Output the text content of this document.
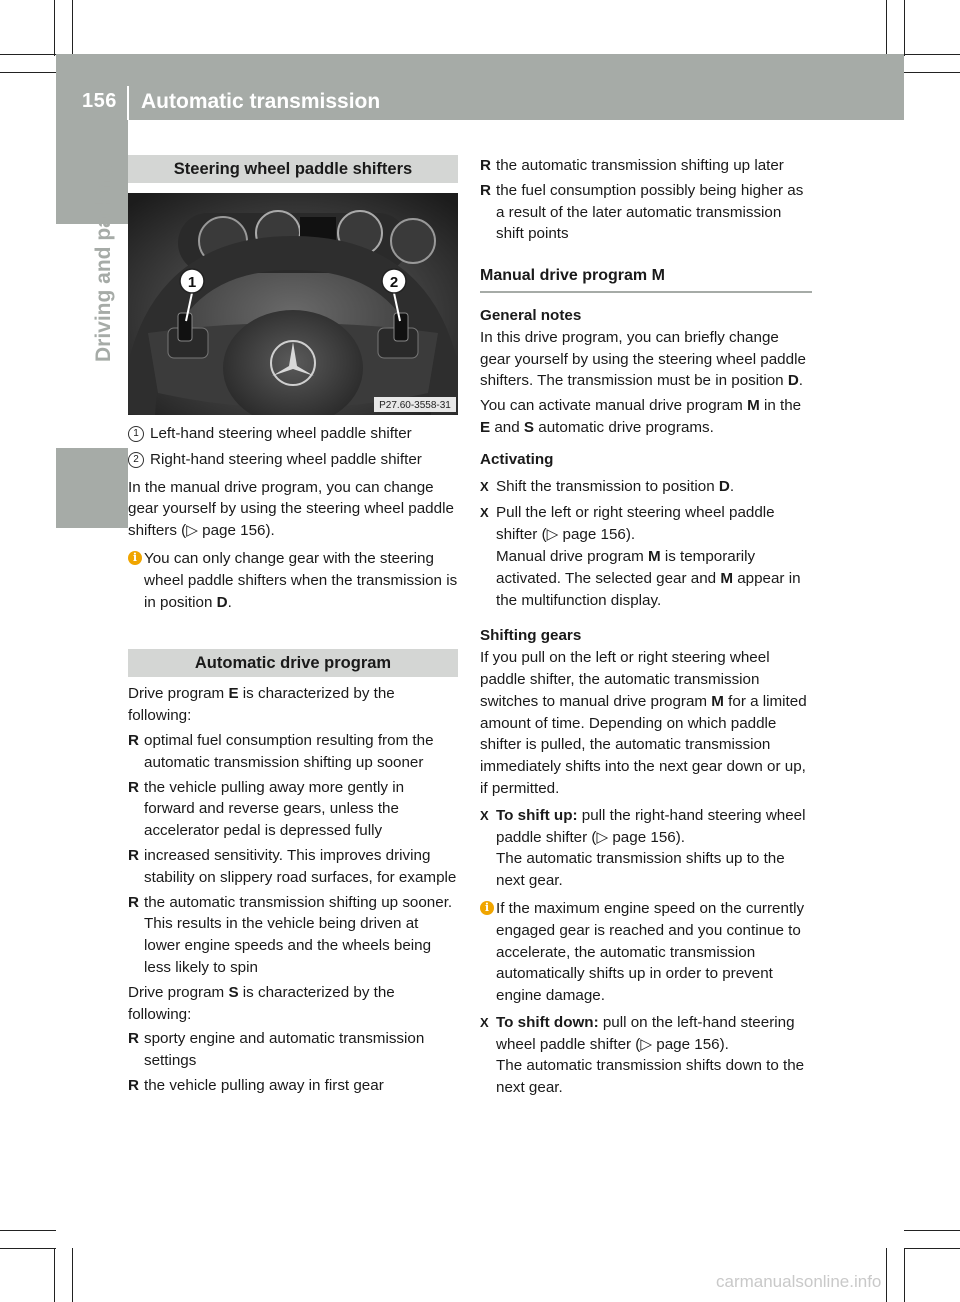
156 Automatic transmission
Driving and parking	Steering wheel paddle shifters
1	2
P27.60-3558-31
1 Left-hand steering wheel paddle shifter
2 Right-hand steering wheel paddle shifter

In the manual drive program, you can change gear yourself by using the steering wheel paddle shifters (▷ page 156).

i You can only change gear with the steering wheel paddle shifters when the transmission is in position D.
Automatic drive program

Drive program E is characterized by the following:

R optimal fuel consumption resulting from the automatic transmission shifting up sooner
R the vehicle pulling away more gently in forward and reverse gears, unless the accelerator pedal is depressed fully
R increased sensitivity. This improves driving stability on slippery road surfaces, for example
R the automatic transmission shifting up sooner. This results in the vehicle being driven at lower engine speeds and the wheels being less likely to spin

Drive program S is characterized by the following:

R sporty engine and automatic transmission settings
R the vehicle pulling away in first gear
R the automatic transmission shifting up later
R the fuel consumption possibly being higher as a result of the later automatic transmission shift points
Manual drive program M
General notes

In this drive program, you can briefly change gear yourself by using the steering wheel paddle shifters. The transmission must be in position D.

You can activate manual drive program M in the E and S automatic drive programs.

Activating
X Shift the transmission to position D.
X Pull the left or right steering wheel paddle shifter (▷ page 156).
Manual drive program M is temporarily activated. The selected gear and M appear in the multifunction display.
Shifting gears

If you pull on the left or right steering wheel paddle shifter, the automatic transmission switches to manual drive program M for a limited amount of time. Depending on which paddle shifter is pulled, the automatic transmission immediately shifts into the next gear down or up, if permitted.

X To shift up: pull the right-hand steering wheel paddle shifter (▷ page 156).
The automatic transmission shifts up to the next gear.
i If the maximum engine speed on the currently engaged gear is reached and you continue to accelerate, the automatic transmission automatically shifts up in order to prevent engine damage.
X To shift down: pull on the left-hand steering wheel paddle shifter (▷ page 156).
The automatic transmission shifts down to the next gear.
carmanualsonline.info
